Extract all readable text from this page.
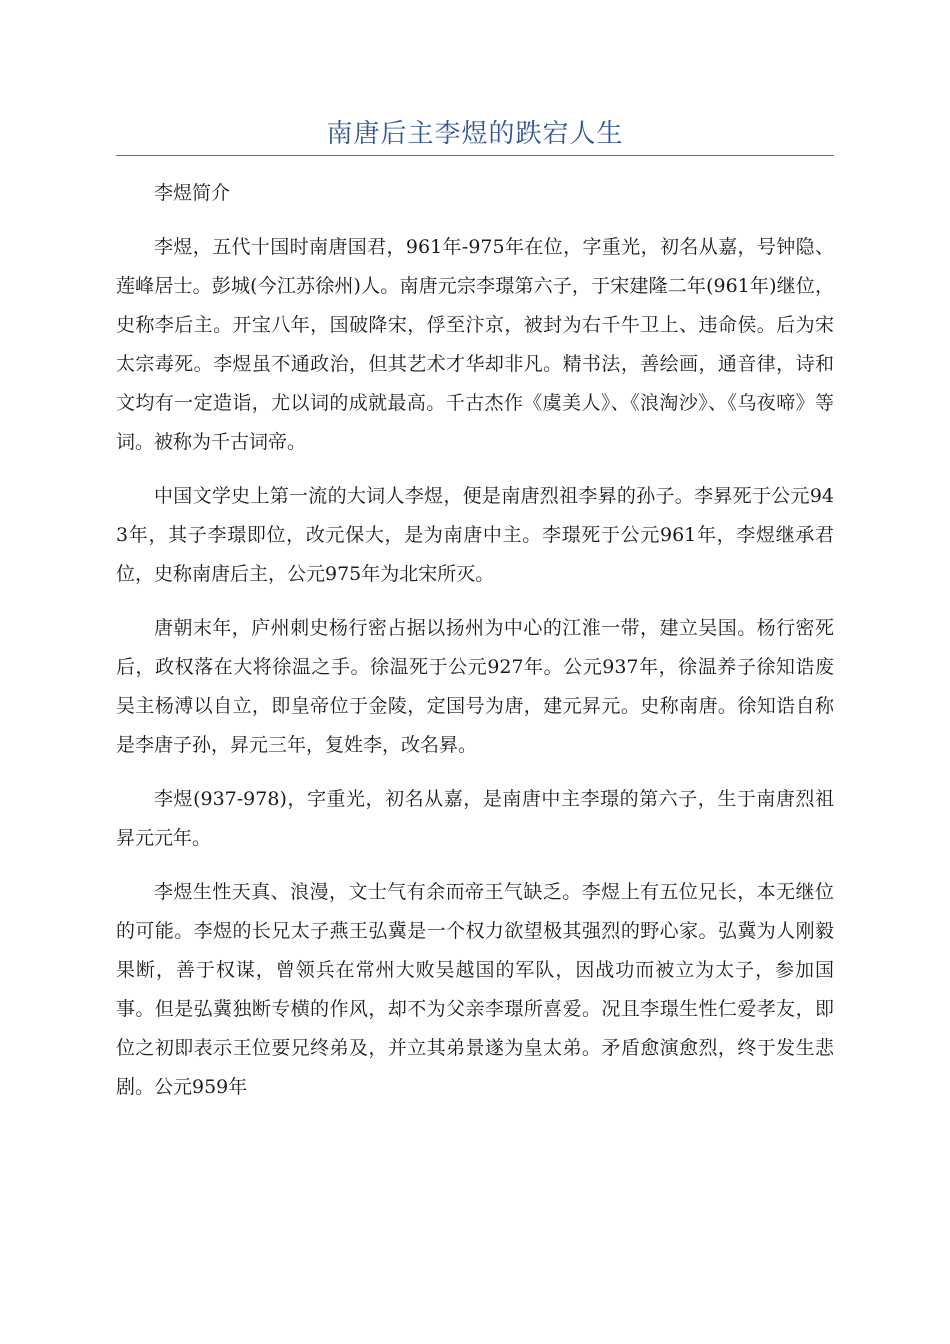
南唐后主李煜的跌宕人生

李煜简介

李煜，五代十国时南唐国君，961年-975年在位，字重光，初名从嘉，号钟隐、莲峰居士。彭城(今江苏徐州)人。南唐元宗李璟第六子，于宋建隆二年(961年)继位，史称李后主。开宝八年，国破降宋，俘至汴京，被封为右千牛卫上、违命侯。后为宋太宗毒死。李煜虽不通政治，但其艺术才华却非凡。精书法，善绘画，通音律，诗和文均有一定造诣，尤以词的成就最高。千古杰作《虞美人》、《浪淘沙》、《乌夜啼》等词。被称为千古词帝。

中国文学史上第一流的大词人李煜，便是南唐烈祖李昪的孙子。李昪死于公元943年，其子李璟即位，改元保大，是为南唐中主。李璟死于公元961年，李煜继承君位，史称南唐后主，公元975年为北宋所灭。

唐朝末年，庐州刺史杨行密占据以扬州为中心的江淮一带，建立吴国。杨行密死后，政权落在大将徐温之手。徐温死于公元927年。公元937年，徐温养子徐知诰废吴主杨溥以自立，即皇帝位于金陵，定国号为唐，建元昇元。史称南唐。徐知诰自称是李唐子孙，昇元三年，复姓李，改名昪。

李煜(937-978)，字重光，初名从嘉，是南唐中主李璟的第六子，生于南唐烈祖昇元元年。

李煜生性天真、浪漫，文士气有余而帝王气缺乏。李煜上有五位兄长，本无继位的可能。李煜的长兄太子燕王弘冀是一个权力欲望极其强烈的野心家。弘冀为人刚毅果断，善于权谋，曾领兵在常州大败吴越国的军队，因战功而被立为太子，参加国事。但是弘冀独断专横的作风，却不为父亲李璟所喜爱。况且李璟生性仁爱孝友，即位之初即表示王位要兄终弟及，并立其弟景遂为皇太弟。矛盾愈演愈烈，终于发生悲剧。公元959年
